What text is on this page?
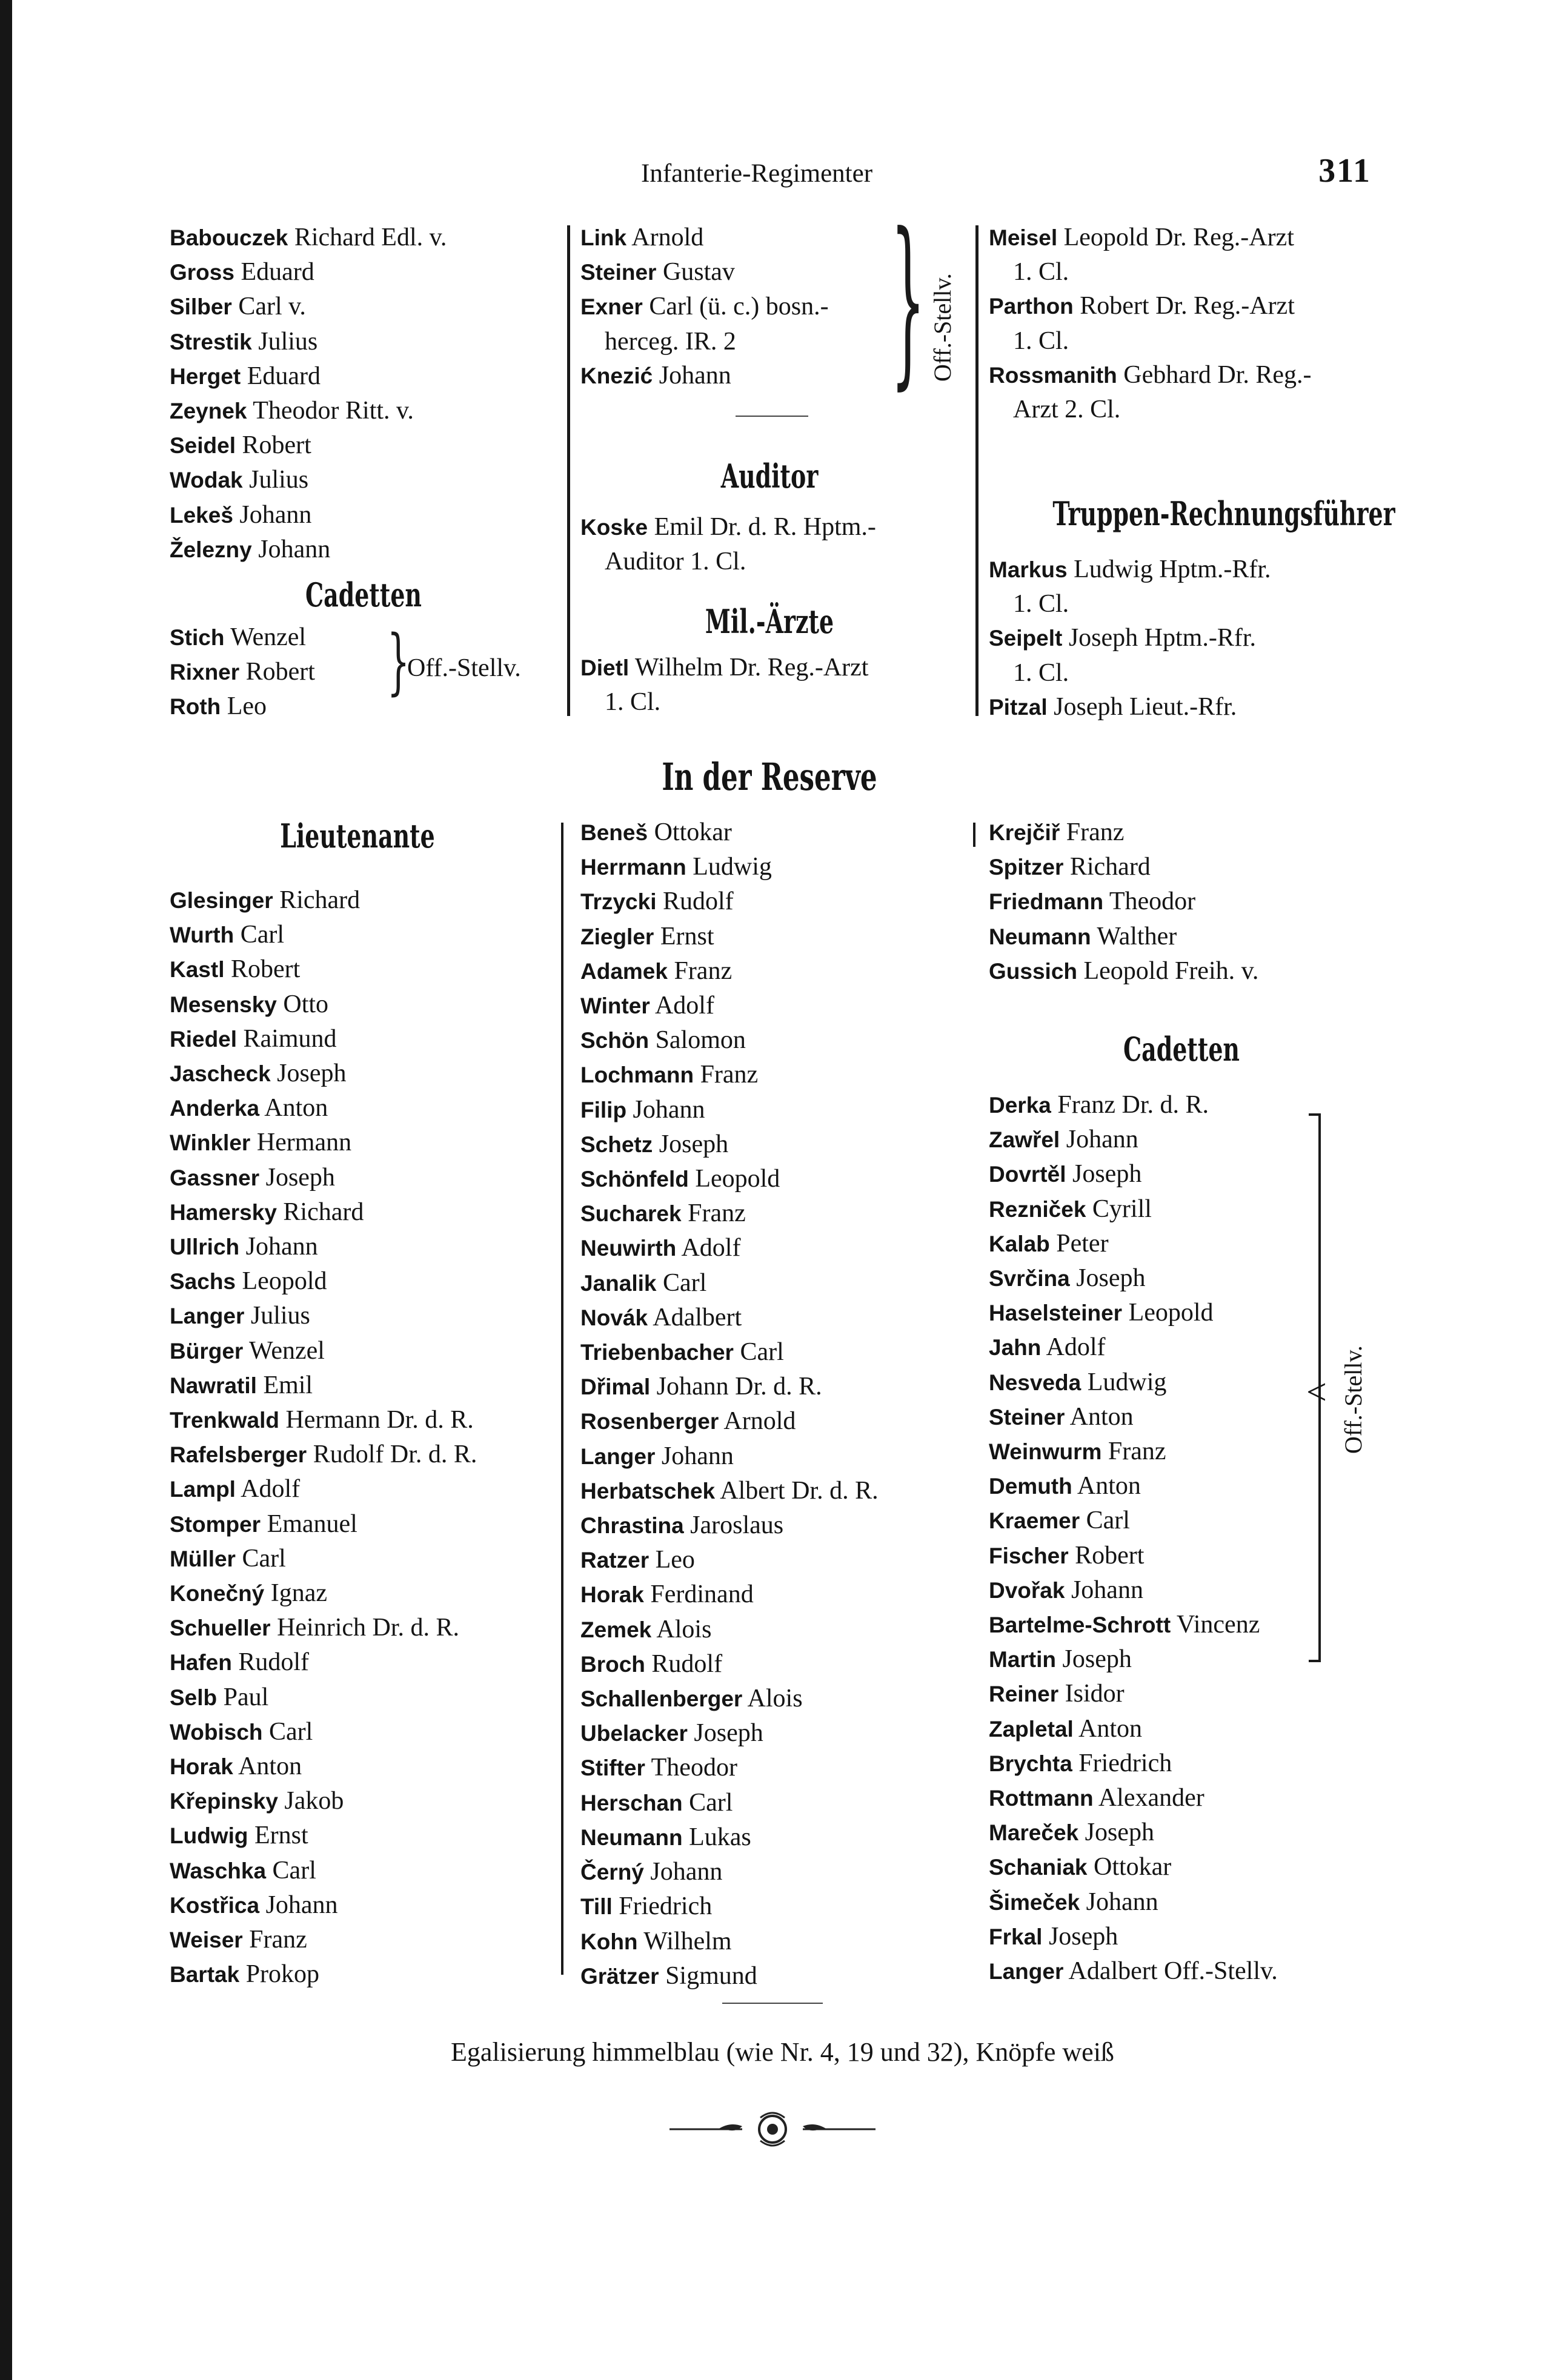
Infanterie-Regimenter	311
Babouczek Richard Edl. v.
Gross Eduard
Silber Carl v.
Strestik Julius
Herget Eduard
Zeynek Theodor Ritt. v.
Seidel Robert
Wodak Julius
Lekeš Johann
Železny Johann
Cadetten
Stich Wenzel
Rixner Robert
Roth Leo
}
Off.-Stellv.
Link Arnold
Steiner Gustav
Exner Carl (ü. c.) bosn.-
herceg. IR. 2
Knezić Johann } Off.-Stellv.
Auditor
Koske Emil Dr. d. R. Hptm.-
Auditor 1. Cl.
Mil.-Ärzte
Dietl Wilhelm Dr. Reg.-Arzt
1. Cl.
Meisel Leopold Dr. Reg.-Arzt
1. Cl.
Parthon Robert Dr. Reg.-Arzt
1. Cl.
Rossmanith Gebhard Dr. Reg.-
Arzt 2. Cl.
Truppen-Rechnungsführer
Markus Ludwig Hptm.-Rfr.
1. Cl.
Seipelt Joseph Hptm.-Rfr.
1. Cl.
Pitzal Joseph Lieut.-Rfr.
In der Reserve
Lieutenante
Glesinger Richard
Wurth Carl
Kastl Robert
Mesensky Otto
Riedel Raimund
Jascheck Joseph
Anderka Anton
Winkler Hermann
Gassner Joseph
Hamersky Richard
Ullrich Johann
Sachs Leopold
Langer Julius
Bürger Wenzel
Nawratil Emil
Trenkwald Hermann Dr. d. R.
Rafelsberger Rudolf Dr. d. R.
Lampl Adolf
Stomper Emanuel
Müller Carl
Konečný Ignaz
Schueller Heinrich Dr. d. R.
Hafen Rudolf
Selb Paul
Wobisch Carl
Horak Anton
Křepinsky Jakob
Ludwig Ernst
Waschka Carl
Kostřica Johann
Weiser Franz
Bartak Prokop
Beneš Ottokar
Herrmann Ludwig
Trzycki Rudolf
Ziegler Ernst
Adamek Franz
Winter Adolf
Schön Salomon
Lochmann Franz
Filip Johann
Schetz Joseph
Schönfeld Leopold
Sucharek Franz
Neuwirth Adolf
Janalik Carl
Novák Adalbert
Triebenbacher Carl
Dřimal Johann Dr. d. R.
Rosenberger Arnold
Langer Johann
Herbatschek Albert Dr. d. R.
Chrastina Jaroslaus
Ratzer Leo
Horak Ferdinand
Zemek Alois
Broch Rudolf
Schallenberger Alois
Ubelacker Joseph
Stifter Theodor
Herschan Carl
Neumann Lukas
Černý Johann
Till Friedrich
Kohn Wilhelm
Grätzer Sigmund
Krejčiř Franz
Spitzer Richard
Friedmann Theodor
Neumann Walther
Gussich Leopold Freih. v.
Cadetten
Derka Franz Dr. d. R.
Zawřel Johann
Dovrtěl Joseph
Rezniček Cyrill
Kalab Peter
Svrčina Joseph
Haselsteiner Leopold
Jahn Adolf
Nesveda Ludwig
Steiner Anton
Weinwurm Franz
Demuth Anton
Kraemer Carl
Fischer Robert
Dvořak Johann
Bartelme-Schrott Vincenz
Martin Joseph
Reiner Isidor
Zapletal Anton
Brychta Friedrich
Rottmann Alexander
Mareček Joseph
Schaniak Ottokar
Šimeček Johann
Frkal Joseph
Langer Adalbert Off.-Stellv.
< Off.-Stellv.
Egalisierung himmelblau (wie Nr. 4, 19 und 32), Knöpfe weiß
